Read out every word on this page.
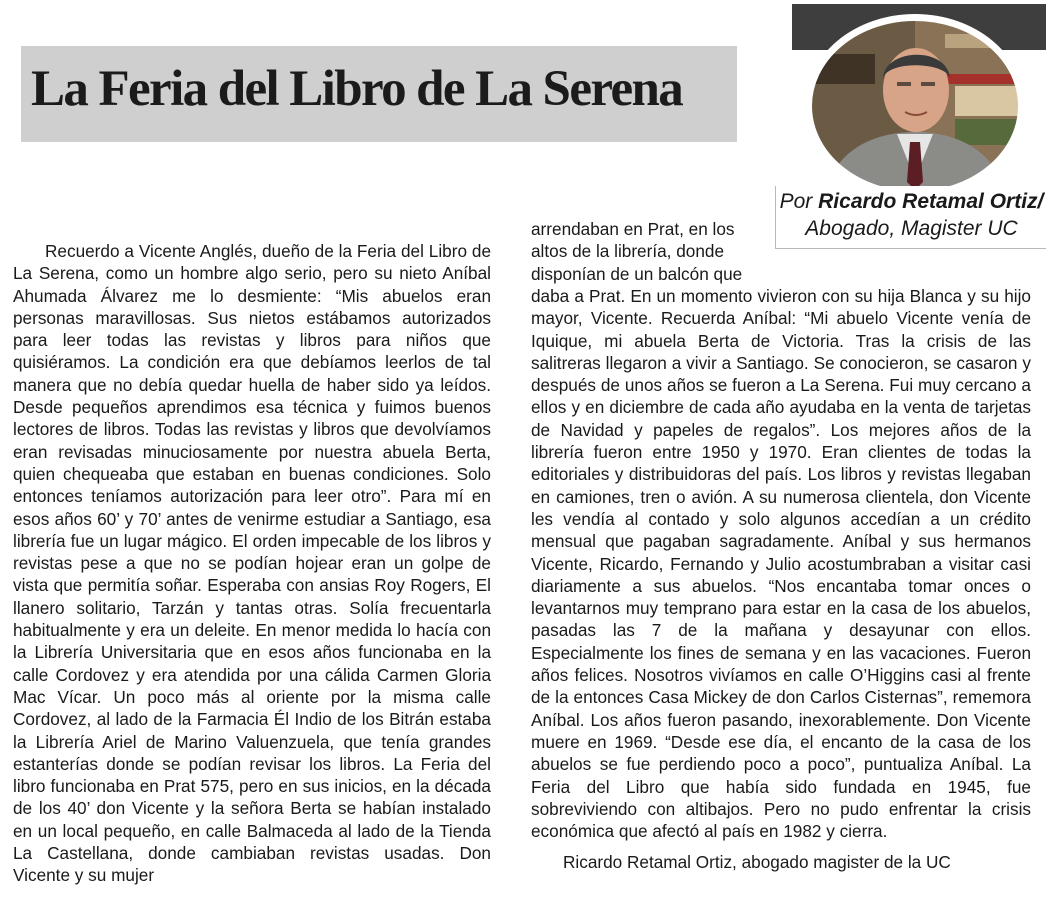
La Feria del Libro de La Serena

Por Ricardo Retamal Ortiz/
Abogado, Magister UC

Recuerdo a Vicente Anglés, dueño de la Feria del Libro de La Serena, como un hombre algo serio, pero su nieto Aníbal Ahumada Álvarez me lo desmiente: “Mis abuelos eran personas maravillosas. Sus nietos estábamos autorizados para leer todas las revistas y libros para niños que quisiéramos. La condición era que debíamos leerlos de tal manera que no debía quedar huella de haber sido ya leídos. Desde pequeños aprendimos esa técnica y fuimos buenos lectores de libros. Todas las revistas y libros que devolvíamos eran revisadas minuciosamente por nuestra abuela Berta, quien chequeaba que estaban en buenas condiciones. Solo entonces teníamos autorización para leer otro”. Para mí en esos años 60’ y 70’ antes de venirme estudiar a Santiago, esa librería fue un lugar mágico. El orden impecable de los libros y revistas pese a que no se podían hojear eran un golpe de vista que permitía soñar. Esperaba con ansias Roy Rogers, El llanero solitario, Tarzán y tantas otras. Solía frecuentarla habitualmente y era un deleite. En menor medida lo hacía con la Librería Universitaria que en esos años funcionaba en la calle Cordovez y era atendida por una cálida Carmen Gloria Mac Vícar. Un poco más al oriente por la misma calle Cordovez, al lado de la Farmacia Él Indio de los Bitrán estaba la Librería Ariel de Marino Valuenzuela, que tenía grandes estanterías donde se podían revisar los libros. La Feria del libro funcionaba en Prat 575, pero en sus inicios, en la década de los 40’ don Vicente y la señora Berta se habían instalado en un local pequeño, en calle Balmaceda al lado de la Tienda La Castellana, donde cambiaban revistas usadas. Don Vicente y su mujer

arrendaban en Prat, en los altos de la librería, donde disponían de un balcón que

daba a Prat. En un momento vivieron con su hija Blanca y su hijo mayor, Vicente. Recuerda Aníbal: “Mi abuelo Vicente venía de Iquique, mi abuela Berta de Victoria. Tras la crisis de las salitreras llegaron a vivir a Santiago. Se conocieron, se casaron y después de unos años se fueron a La Serena. Fui muy cercano a ellos y en diciembre de cada año ayudaba en la venta de tarjetas de Navidad y papeles de regalos”. Los mejores años de la librería fueron entre 1950 y 1970. Eran clientes de todas la editoriales y distribuidoras del país. Los libros y revistas llegaban en camiones, tren o avión. A su numerosa clientela, don Vicente les vendía al contado y solo algunos accedían a un crédito mensual que pagaban sagradamente. Aníbal y sus hermanos Vicente, Ricardo, Fernando y Julio acostumbraban a visitar casi diariamente a sus abuelos. “Nos encantaba tomar onces o levantarnos muy temprano para estar en la casa de los abuelos, pasadas las 7 de la mañana y desayunar con ellos. Especialmente los fines de semana y en las vacaciones. Fueron años felices. Nosotros vivíamos en calle O’Higgins casi al frente de la entonces Casa Mickey de don Carlos Cisternas”, rememora Aníbal. Los años fueron pasando, inexorablemente. Don Vicente muere en 1969. “Desde ese día, el encanto de la casa de los abuelos se fue perdiendo poco a poco”, puntualiza Aníbal. La Feria del Libro que había sido fundada en 1945, fue sobreviviendo con altibajos. Pero no pudo enfrentar la crisis económica que afectó al país en 1982 y cierra.

Ricardo Retamal Ortiz, abogado magister de la UC
